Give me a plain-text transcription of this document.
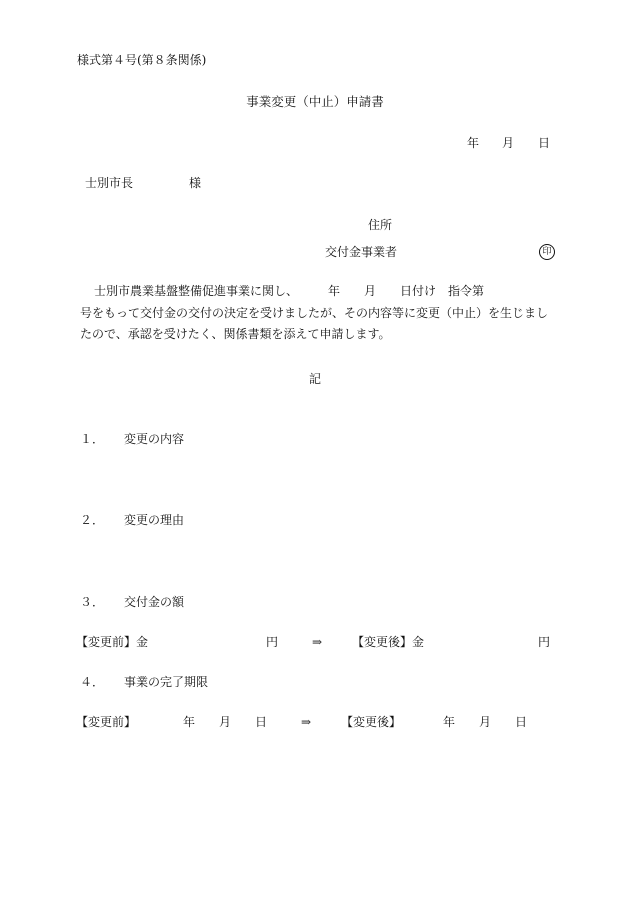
様式第４号(第８条関係)
事業変更（中止）申請書
年 月 日
士別市長	様
住所
交付金事業者	印
士別市農業基盤整備促進事業に関し、　　　年　　月　　日付け　指令第
号をもって交付金の交付の決定を受けましたが、その内容等に変更（中止）を生じまし
たので、承認を受けたく、関係書類を添えて申請します。
記
１． 変更の内容
２． 変更の理由
３． 交付金の額
【変更前】金	円	⇒ 【変更後】金	円
４． 事業の完了期限
【変更前】	年 月 日	⇒ 【変更後】	年 月 日
